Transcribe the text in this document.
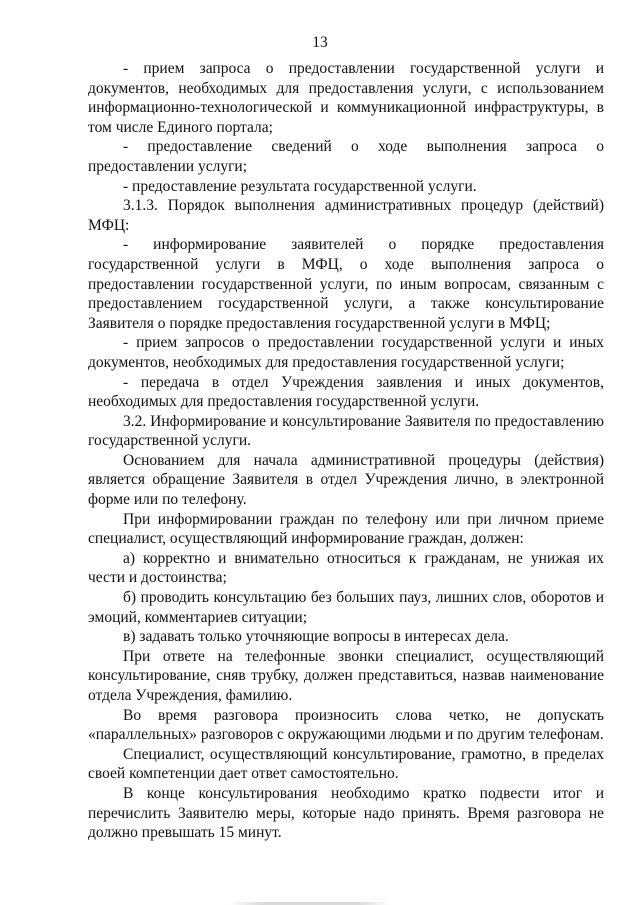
13

- прием запроса о предоставлении государственной услуги и документов, необходимых для предоставления услуги, с использованием информационно-технологической и коммуникационной инфраструктуры, в том числе Единого портала;

- предоставление сведений о ходе выполнения запроса о предоставлении услуги;

- предоставление результата государственной услуги.

3.1.3. Порядок выполнения административных процедур (действий) МФЦ:

- информирование заявителей о порядке предоставления государственной услуги в МФЦ, о ходе выполнения запроса о предоставлении государственной услуги, по иным вопросам, связанным с предоставлением государственной услуги, а также консультирование Заявителя о порядке предоставления государственной услуги в МФЦ;

- прием запросов о предоставлении государственной услуги и иных документов, необходимых для предоставления государственной услуги;

- передача в отдел Учреждения заявления и иных документов, необходимых для предоставления государственной услуги.

3.2. Информирование и консультирование Заявителя по предоставлению государственной услуги.

Основанием для начала административной процедуры (действия) является обращение Заявителя в отдел Учреждения лично, в электронной форме или по телефону.

При информировании граждан по телефону или при личном приеме специалист, осуществляющий информирование граждан, должен:

а) корректно и внимательно относиться к гражданам, не унижая их чести и достоинства;

б) проводить консультацию без больших пауз, лишних слов, оборотов и эмоций, комментариев ситуации;

в) задавать только уточняющие вопросы в интересах дела.

При ответе на телефонные звонки специалист, осуществляющий консультирование, сняв трубку, должен представиться, назвав наименование отдела Учреждения, фамилию.

Во время разговора произносить слова четко, не допускать «параллельных» разговоров с окружающими людьми и по другим телефонам.

Специалист, осуществляющий консультирование, грамотно, в пределах своей компетенции дает ответ самостоятельно.

В конце консультирования необходимо кратко подвести итог и перечислить Заявителю меры, которые надо принять. Время разговора не должно превышать 15 минут.
